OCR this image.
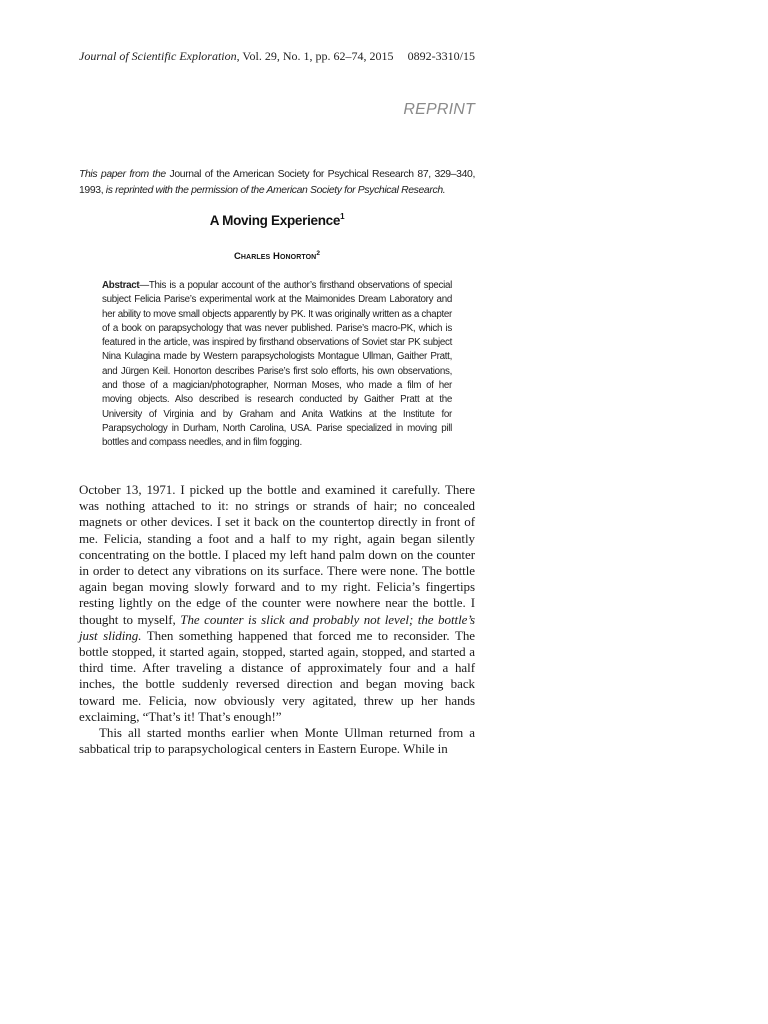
Journal of Scientific Exploration, Vol. 29, No. 1, pp. 62–74, 2015 0892-3310/15
REPRINT
This paper from the Journal of the American Society for Psychical Research 87, 329–340, 1993, is reprinted with the permission of the American Society for Psychical Research.
A Moving Experience$^1$
Charles Honorton$^2$
Abstract—This is a popular account of the author’s firsthand observations of special subject Felicia Parise’s experimental work at the Maimonides Dream Laboratory and her ability to move small objects apparently by PK. It was originally written as a chapter of a book on parapsychology that was never published. Parise’s macro-PK, which is featured in the article, was inspired by firsthand observations of Soviet star PK subject Nina Kulagina made by Western parapsychologists Montague Ullman, Gaither Pratt, and Jürgen Keil. Honorton describes Parise’s first solo efforts, his own observations, and those of a magician/photographer, Norman Moses, who made a film of her moving objects. Also described is research conducted by Gaither Pratt at the University of Virginia and by Graham and Anita Watkins at the Institute for Parapsychology in Durham, North Carolina, USA. Parise specialized in moving pill bottles and compass needles, and in film fogging.

October 13, 1971. I picked up the bottle and examined it carefully. There was nothing attached to it: no strings or strands of hair; no concealed magnets or other devices. I set it back on the countertop directly in front of me. Felicia, standing a foot and a half to my right, again began silently concentrating on the bottle. I placed my left hand palm down on the counter in order to detect any vibrations on its surface. There were none. The bottle again began moving slowly forward and to my right. Felicia’s fingertips resting lightly on the edge of the counter were nowhere near the bottle. I thought to myself, The counter is slick and probably not level; the bottle’s just sliding. Then something happened that forced me to reconsider. The bottle stopped, it started again, stopped, started again, stopped, and started a third time. After traveling a distance of approximately four and a half inches, the bottle suddenly reversed direction and began moving back toward me. Felicia, now obviously very agitated, threw up her hands exclaiming, “That’s it! That’s enough!”

This all started months earlier when Monte Ullman returned from a sabbatical trip to parapsychological centers in Eastern Europe. While in
